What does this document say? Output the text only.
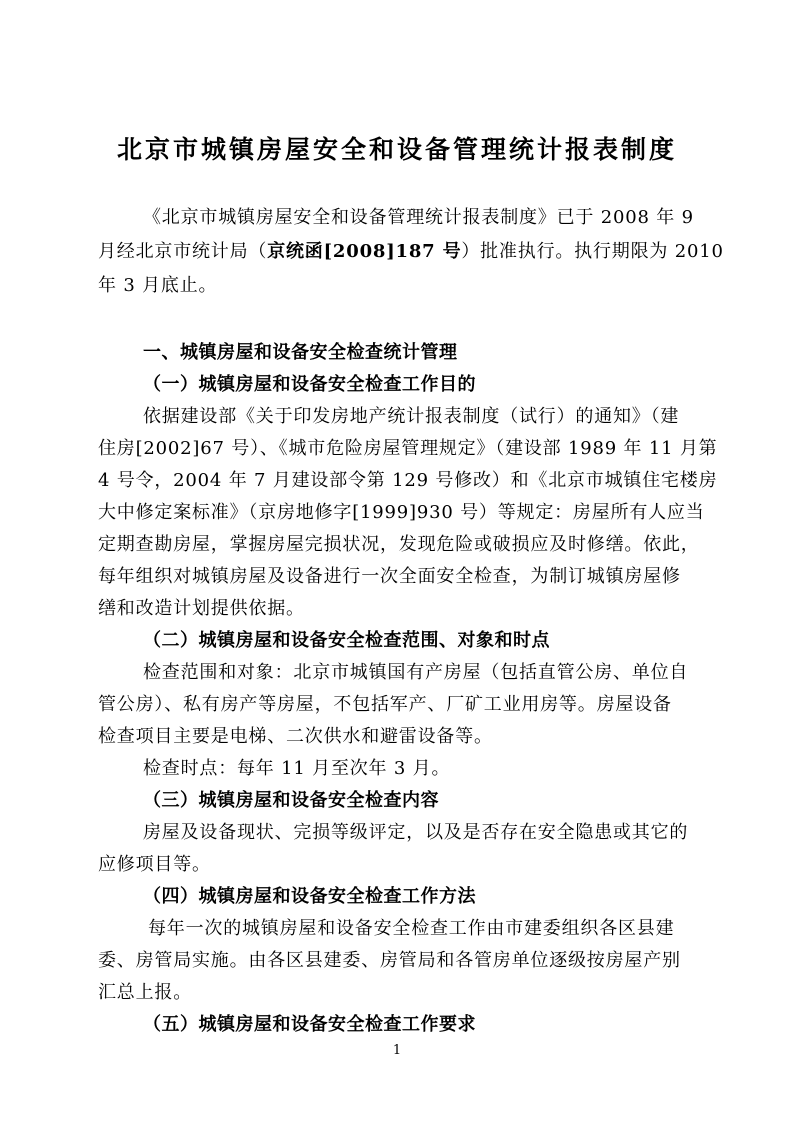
北京市城镇房屋安全和设备管理统计报表制度
《北京市城镇房屋安全和设备管理统计报表制度》已于 2008 年 9
月经北京市统计局（京统函[2008]187 号）批准执行。执行期限为 2010
年 3 月底止。
一、城镇房屋和设备安全检查统计管理
（一）城镇房屋和设备安全检查工作目的
依据建设部《关于印发房地产统计报表制度（试行）的通知》（建
住房[2002]67 号）、《城市危险房屋管理规定》（建设部 1989 年 11 月第
4 号令，2004 年 7 月建设部令第 129 号修改）和《北京市城镇住宅楼房
大中修定案标准》（京房地修字[1999]930 号）等规定：房屋所有人应当
定期查勘房屋，掌握房屋完损状况，发现危险或破损应及时修缮。依此，
每年组织对城镇房屋及设备进行一次全面安全检查，为制订城镇房屋修
缮和改造计划提供依据。
（二）城镇房屋和设备安全检查范围、对象和时点
检查范围和对象：北京市城镇国有产房屋（包括直管公房、单位自
管公房）、私有房产等房屋，不包括军产、厂矿工业用房等。房屋设备
检查项目主要是电梯、二次供水和避雷设备等。
检查时点：每年 11 月至次年 3 月。
（三）城镇房屋和设备安全检查内容
房屋及设备现状、完损等级评定，以及是否存在安全隐患或其它的
应修项目等。
（四）城镇房屋和设备安全检查工作方法
每年一次的城镇房屋和设备安全检查工作由市建委组织各区县建
委、房管局实施。由各区县建委、房管局和各管房单位逐级按房屋产别
汇总上报。
（五）城镇房屋和设备安全检查工作要求
1
